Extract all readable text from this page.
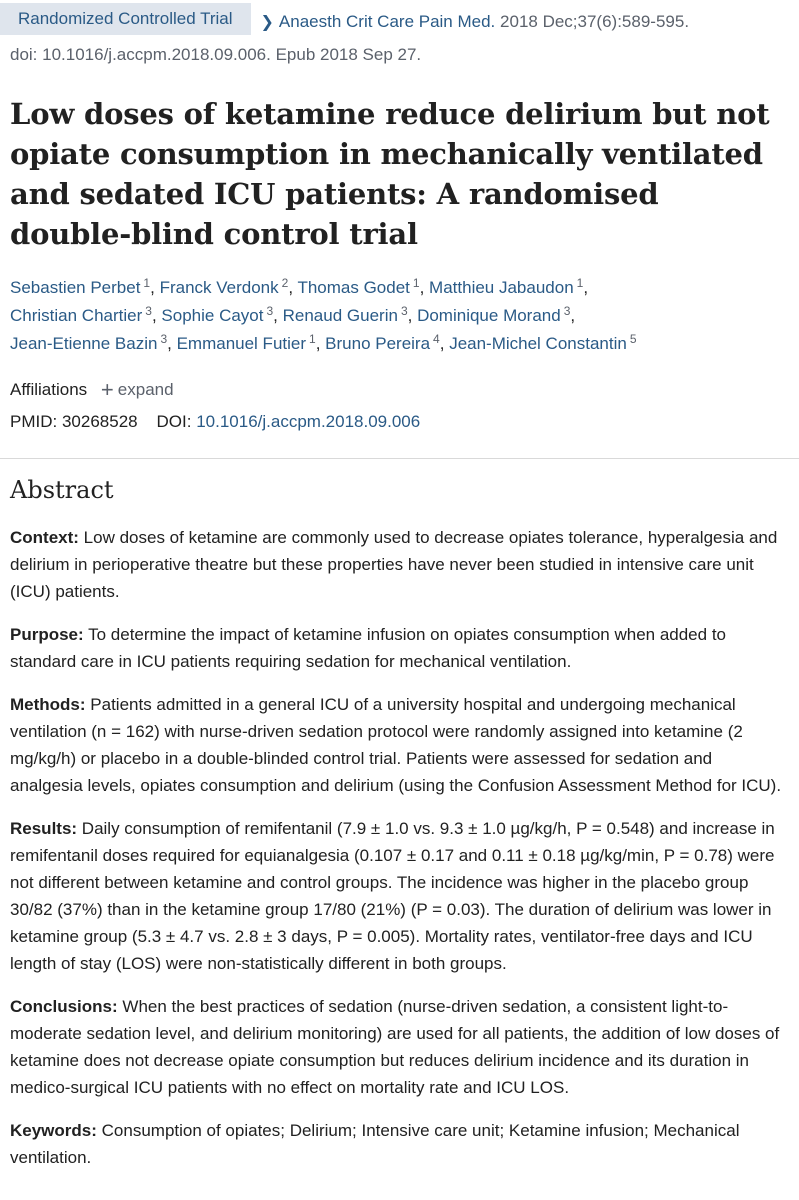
Randomized Controlled Trial ❯ Anaesth Crit Care Pain Med. 2018 Dec;37(6):589-595.
doi: 10.1016/j.accpm.2018.09.006. Epub 2018 Sep 27.
Low doses of ketamine reduce delirium but not opiate consumption in mechanically ventilated and sedated ICU patients: A randomised double-blind control trial
Sebastien Perbet $^1$, Franck Verdonk $^2$, Thomas Godet $^1$, Matthieu Jabaudon $^1$,
Christian Chartier $^3$, Sophie Cayot $^3$, Renaud Guerin $^3$, Dominique Morand $^3$,
Jean-Etienne Bazin $^3$, Emmanuel Futier $^1$, Bruno Pereira $^4$, Jean-Michel Constantin $^5$
Affiliations + expand
PMID: 30268528 DOI: 10.1016/j.accpm.2018.09.006
Abstract

Context: Low doses of ketamine are commonly used to decrease opiates tolerance, hyperalgesia and delirium in perioperative theatre but these properties have never been studied in intensive care unit (ICU) patients.

Purpose: To determine the impact of ketamine infusion on opiates consumption when added to standard care in ICU patients requiring sedation for mechanical ventilation.

Methods: Patients admitted in a general ICU of a university hospital and undergoing mechanical ventilation (n = 162) with nurse-driven sedation protocol were randomly assigned into ketamine (2 mg/kg/h) or placebo in a double-blinded control trial. Patients were assessed for sedation and analgesia levels, opiates consumption and delirium (using the Confusion Assessment Method for ICU).

Results: Daily consumption of remifentanil (7.9 ± 1.0 vs. 9.3 ± 1.0 µg/kg/h, P = 0.548) and increase in remifentanil doses required for equianalgesia (0.107 ± 0.17 and 0.11 ± 0.18 µg/kg/min, P = 0.78) were not different between ketamine and control groups. The incidence was higher in the placebo group 30/82 (37%) than in the ketamine group 17/80 (21%) (P = 0.03). The duration of delirium was lower in ketamine group (5.3 ± 4.7 vs. 2.8 ± 3 days, P = 0.005). Mortality rates, ventilator-free days and ICU length of stay (LOS) were non-statistically different in both groups.

Conclusions: When the best practices of sedation (nurse-driven sedation, a consistent light-to-moderate sedation level, and delirium monitoring) are used for all patients, the addition of low doses of ketamine does not decrease opiate consumption but reduces delirium incidence and its duration in medico-surgical ICU patients with no effect on mortality rate and ICU LOS.

Keywords: Consumption of opiates; Delirium; Intensive care unit; Ketamine infusion; Mechanical ventilation.
